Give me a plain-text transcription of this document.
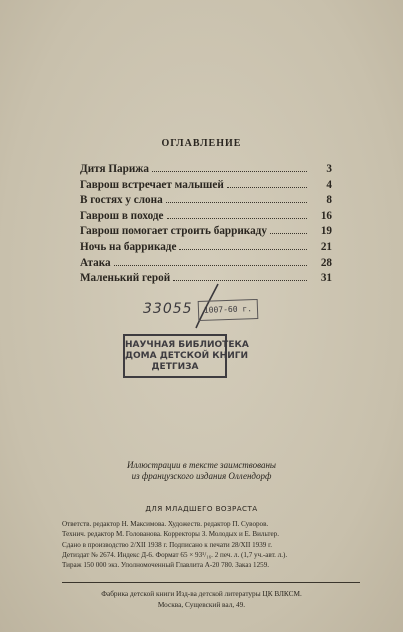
ОГЛАВЛЕНИЕ
Дитя Парижа	3
Гаврош встречает малышей	4
В гостях у слона	8
Гаврош в походе	16
Гаврош помогает строить баррикаду	19
Ночь на баррикаде	21
Атака	28
Маленький герой	31
33055	1007-60 г.
НАУЧНАЯ БИБЛИОТЕКА
ДОМА ДЕТСКОЙ КНИГИ
ДЕТГИЗА
Иллюстрации в тексте заимствованы
из французского издания Оллендорф
ДЛЯ МЛАДШЕГО ВОЗРАСТА
Ответств. редактор Н. Максимова. Художеств. редактор П. Суворов.
Технич. редактор М. Голованова. Корректоры З. Молодых и Е. Вильтер.
Сдано в производство 2/XII 1938 г. Подписано к печати 28/XII 1939 г.
Детиздат № 2674. Индекс Д-6. Формат 65 × 93¹/₁₆. 2 печ. л. (1,7 уч.-авт. л.).
Тираж 150 000 экз. Уполномоченный Главлита А-20 780. Заказ 1259.
Фабрика детской книги Изд-ва детской литературы ЦК ВЛКСМ.
Москва, Сущевский вал, 49.
